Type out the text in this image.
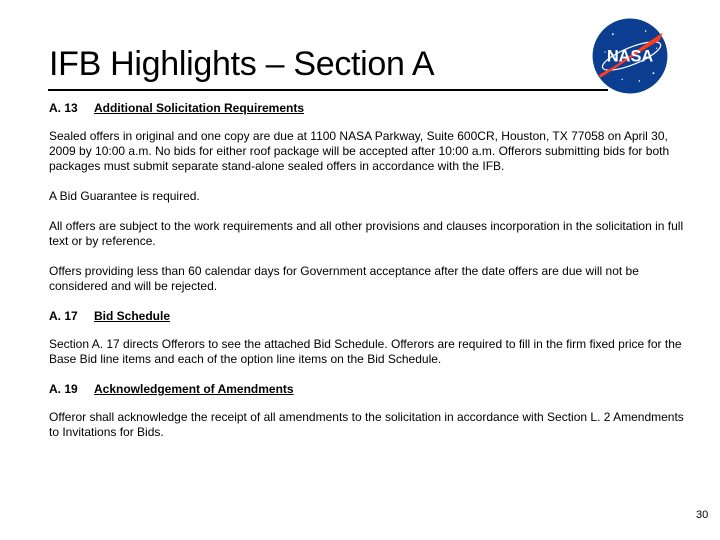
IFB Highlights – Section A	NASA
A. 13	Additional Solicitation Requirements

Sealed offers in original and one copy are due at 1100 NASA Parkway, Suite 600CR, Houston, TX 77058 on April 30, 2009 by 10:00 a.m. No bids for either roof package will be accepted after 10:00 a.m. Offerors submitting bids for both packages must submit separate stand-alone sealed offers in accordance with the IFB.

A Bid Guarantee is required.

All offers are subject to the work requirements and all other provisions and clauses incorporation in the solicitation in full text or by reference.

Offers providing less than 60 calendar days for Government acceptance after the date offers are due will not be considered and will be rejected.

A. 17	Bid Schedule

Section A. 17 directs Offerors to see the attached Bid Schedule. Offerors are required to fill in the firm fixed price for the Base Bid line items and each of the option line items on the Bid Schedule.

A. 19	Acknowledgement of Amendments

Offeror shall acknowledge the receipt of all amendments to the solicitation in accordance with Section L. 2 Amendments to Invitations for Bids.

30
